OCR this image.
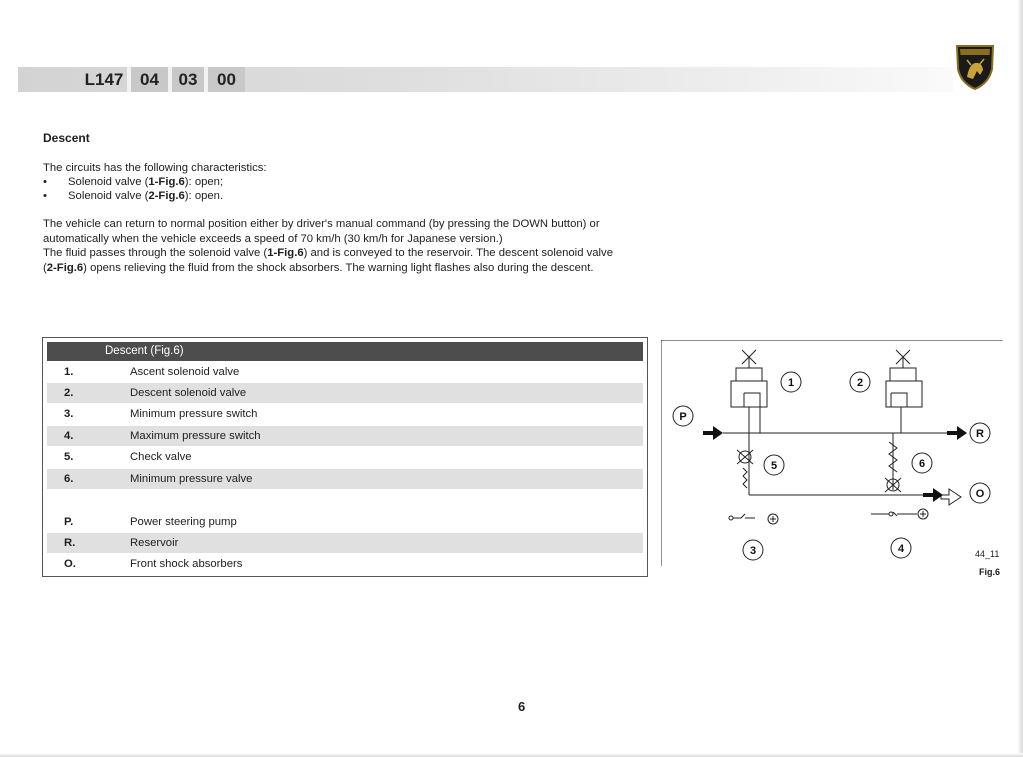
L147 04	03	00
Descent

The circuits has the following characteristics:

• Solenoid valve (1-Fig.6): open;
• Solenoid valve (2-Fig.6): open.
The vehicle can return to normal position either by driver's manual command (by pressing the DOWN button) or
automatically when the vehicle exceeds a speed of 70 km/h (30 km/h for Japanese version.)
The fluid passes through the solenoid valve (1-Fig.6) and is conveyed to the reservoir. The descent solenoid valve
(2-Fig.6) opens relieving the fluid from the shock absorbers. The warning light flashes also during the descent.
Descent (Fig.6)
1.	Ascent solenoid valve
2.	Descent solenoid valve
3.	Minimum pressure switch
4.	Maximum pressure switch
5.	Check valve
6.	Minimum pressure valve
P.	Power steering pump
R.	Reservoir
O.	Front shock absorbers
1	2
3	4
5	6
P
R
O
44_11
Fig.6
6
